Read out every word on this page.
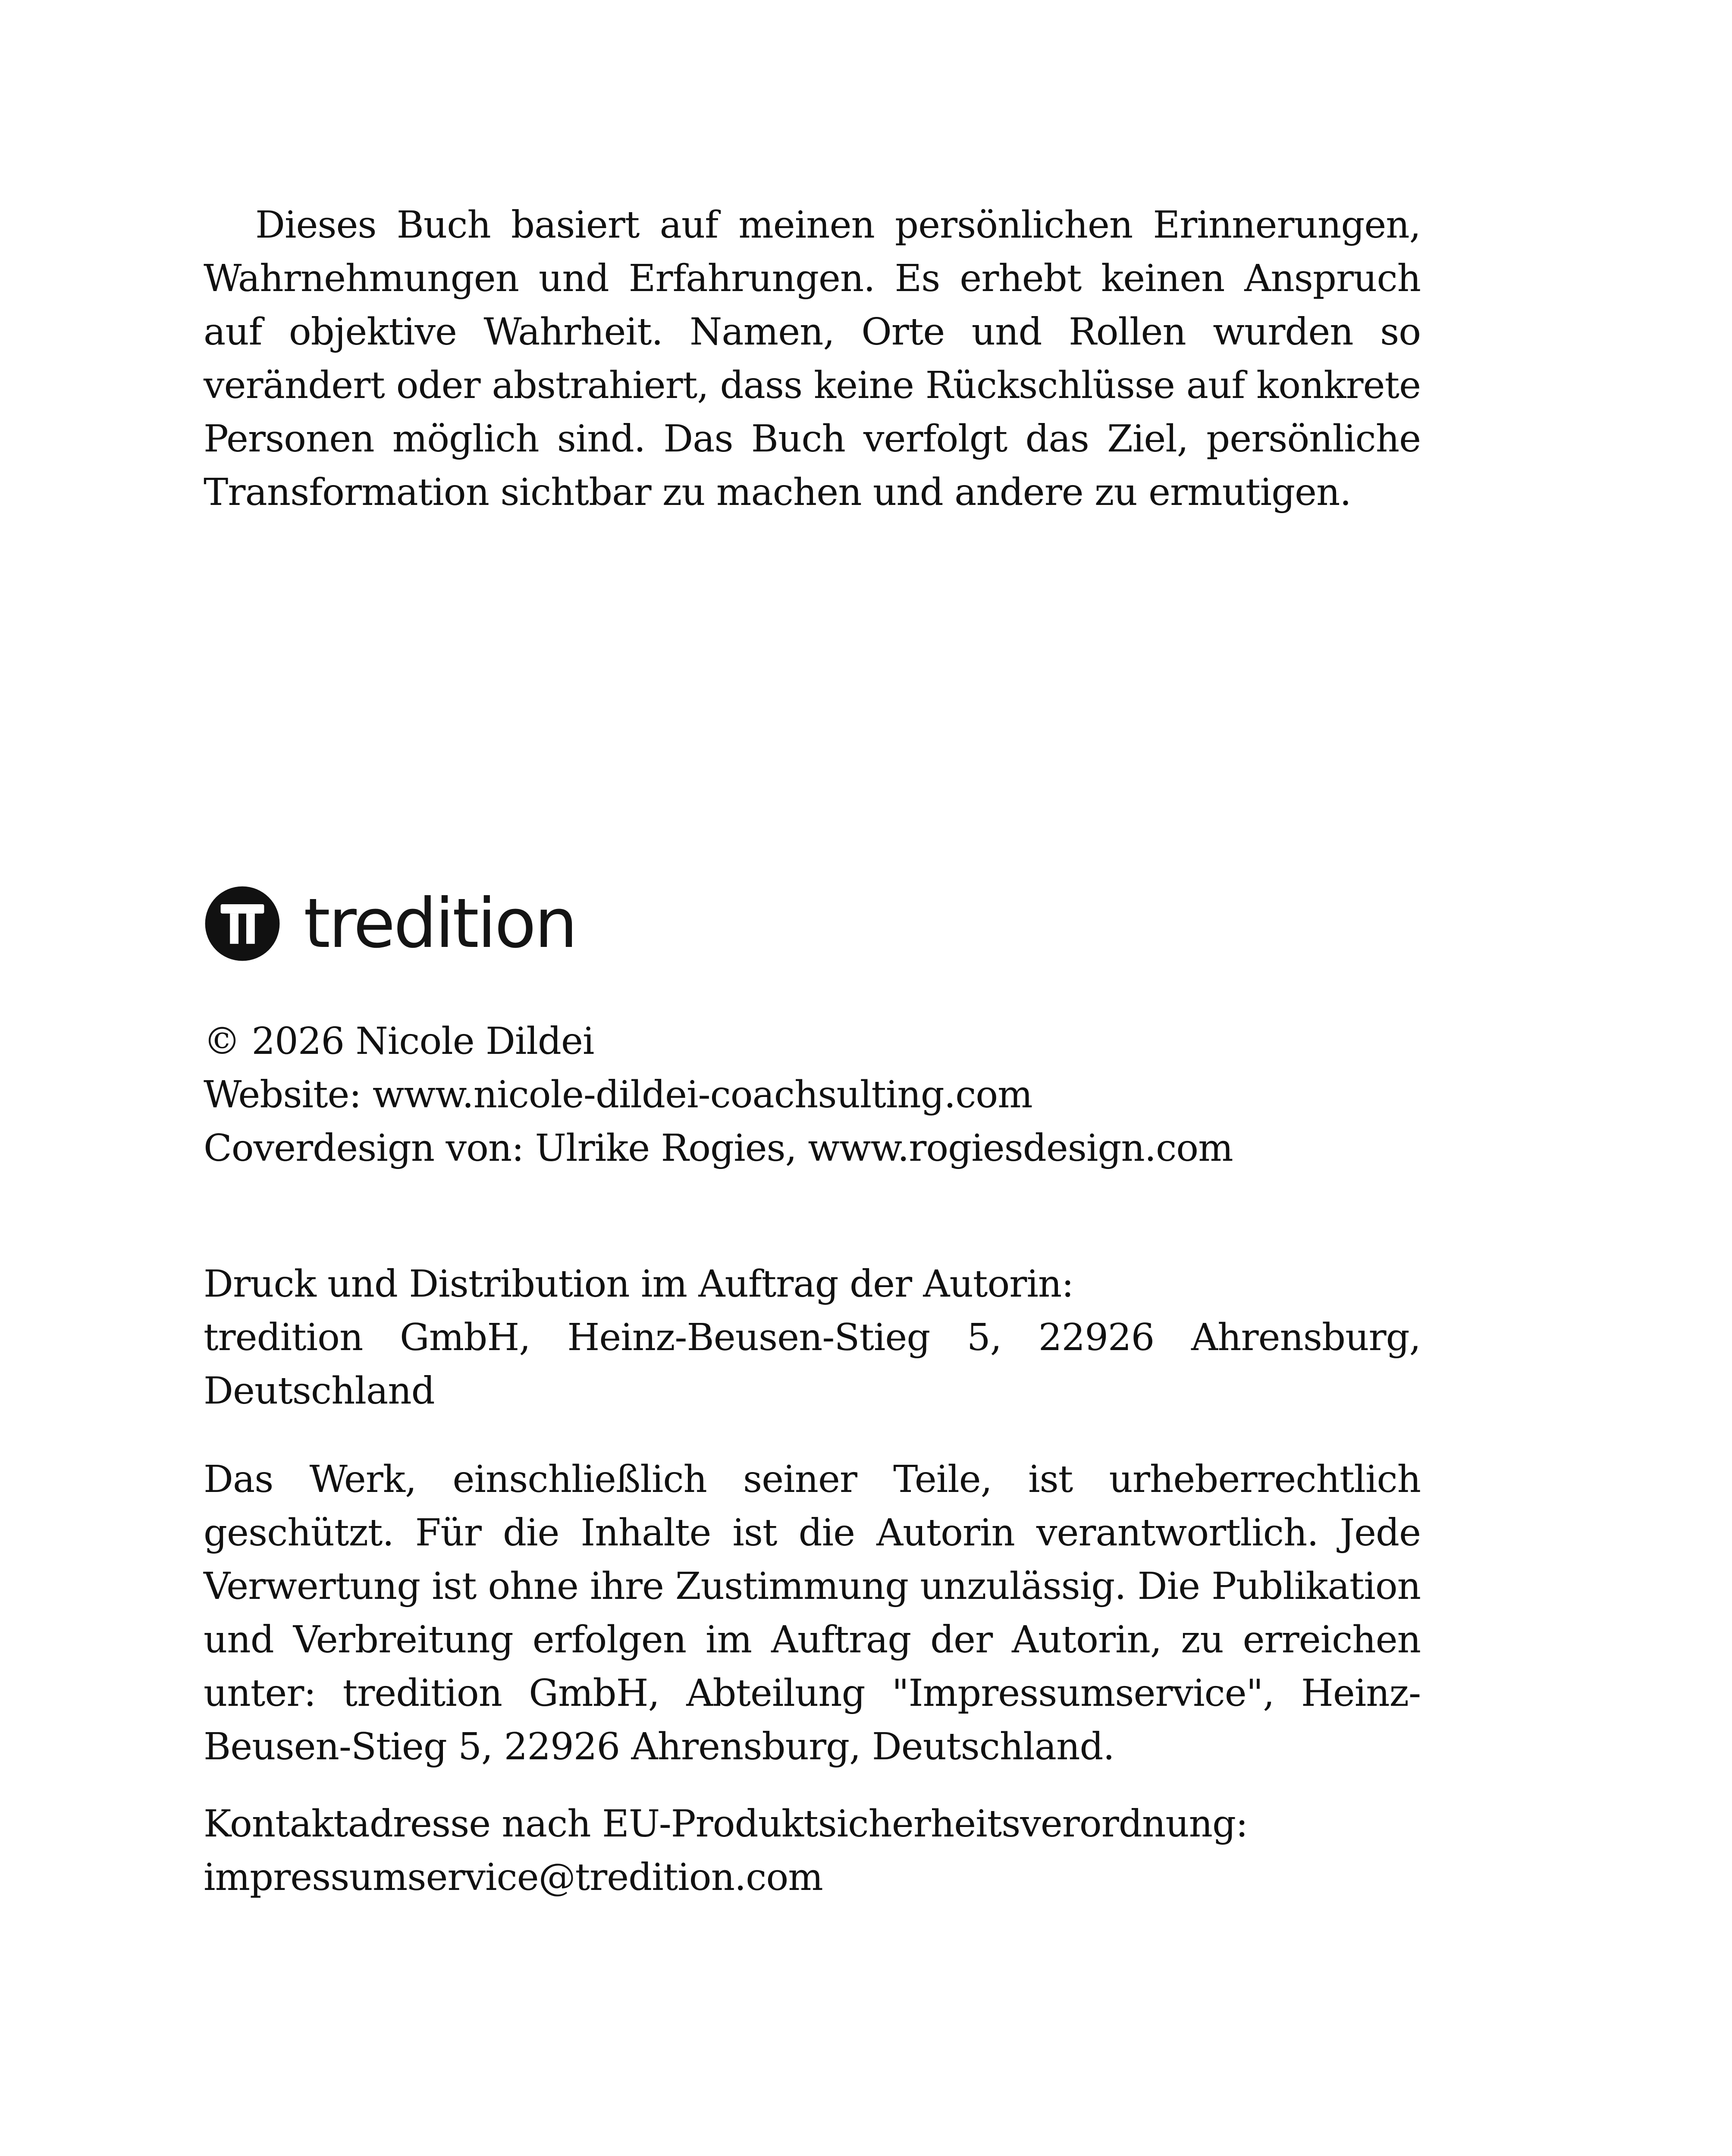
Dieses Buch basiert auf meinen persönlichen Erinnerungen, Wahrnehmungen und Erfahrungen. Es erhebt keinen Anspruch auf objektive Wahrheit. Namen, Orte und Rollen wurden so verändert oder abstrahiert, dass keine Rückschlüsse auf konkrete Personen möglich sind. Das Buch verfolgt das Ziel, persönliche Transformation sichtbar zu machen und andere zu ermutigen.

tredition
© 2026 Nicole Dildei
Website: www.nicole-dildei-coachsulting.com
Coverdesign von: Ulrike Rogies, www.rogiesdesign.com
Druck und Distribution im Auftrag der Autorin:

tredition GmbH, Heinz-Beusen-Stieg 5, 22926 Ahrensburg, Deutschland

Das Werk, einschließlich seiner Teile, ist urheberrechtlich geschützt. Für die Inhalte ist die Autorin verantwortlich. Jede Verwertung ist ohne ihre Zustimmung unzulässig. Die Publikation und Verbreitung erfolgen im Auftrag der Autorin, zu erreichen unter: tredition GmbH, Abteilung "Impressumservice", Heinz-Beusen-Stieg 5, 22926 Ahrensburg, Deutschland.

Kontaktadresse nach EU-Produktsicherheitsverordnung:
impressumservice@tredition.com
